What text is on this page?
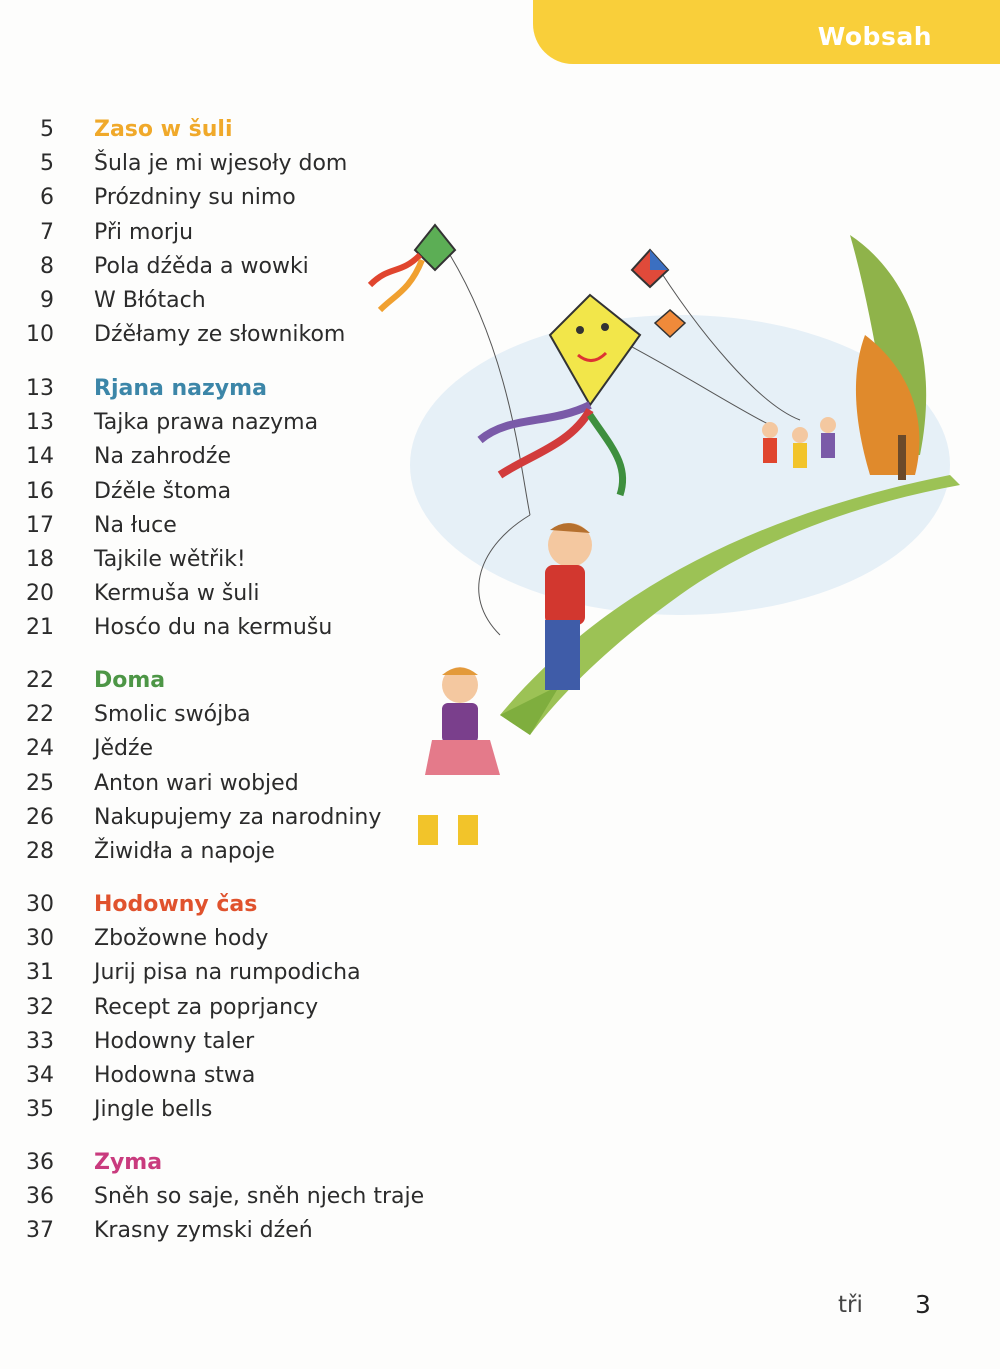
Wobsah
5 Zaso w šuli
5 Šula je mi wjesoły dom
6 Prózdniny su nimo
7 Při morju
8 Pola dźěda a wowki
9 W Błótach
10 Dźěłamy ze słownikom
13 Rjana nazyma
13 Tajka prawa nazyma
14 Na zahrodźe
16 Dźěle štoma
17 Na łuce
18 Tajkile wětřik!
20 Kermuša w šuli
21 Hosćo du na kermušu
22 Doma
22 Smolic swójba
24 Jědźe
25 Anton wari wobjed
26 Nakupujemy za narodniny
28 Žiwidła a napoje
30 Hodowny čas
30 Zbožowne hody
31 Jurij pisa na rumpodicha
32 Recept za poprjancy
33 Hodowny taler
34 Hodowna stwa
35 Jingle bells
36 Zyma
36 Sněh so saje, sněh njech traje
37 Krasny zymski dźeń
tři 3
